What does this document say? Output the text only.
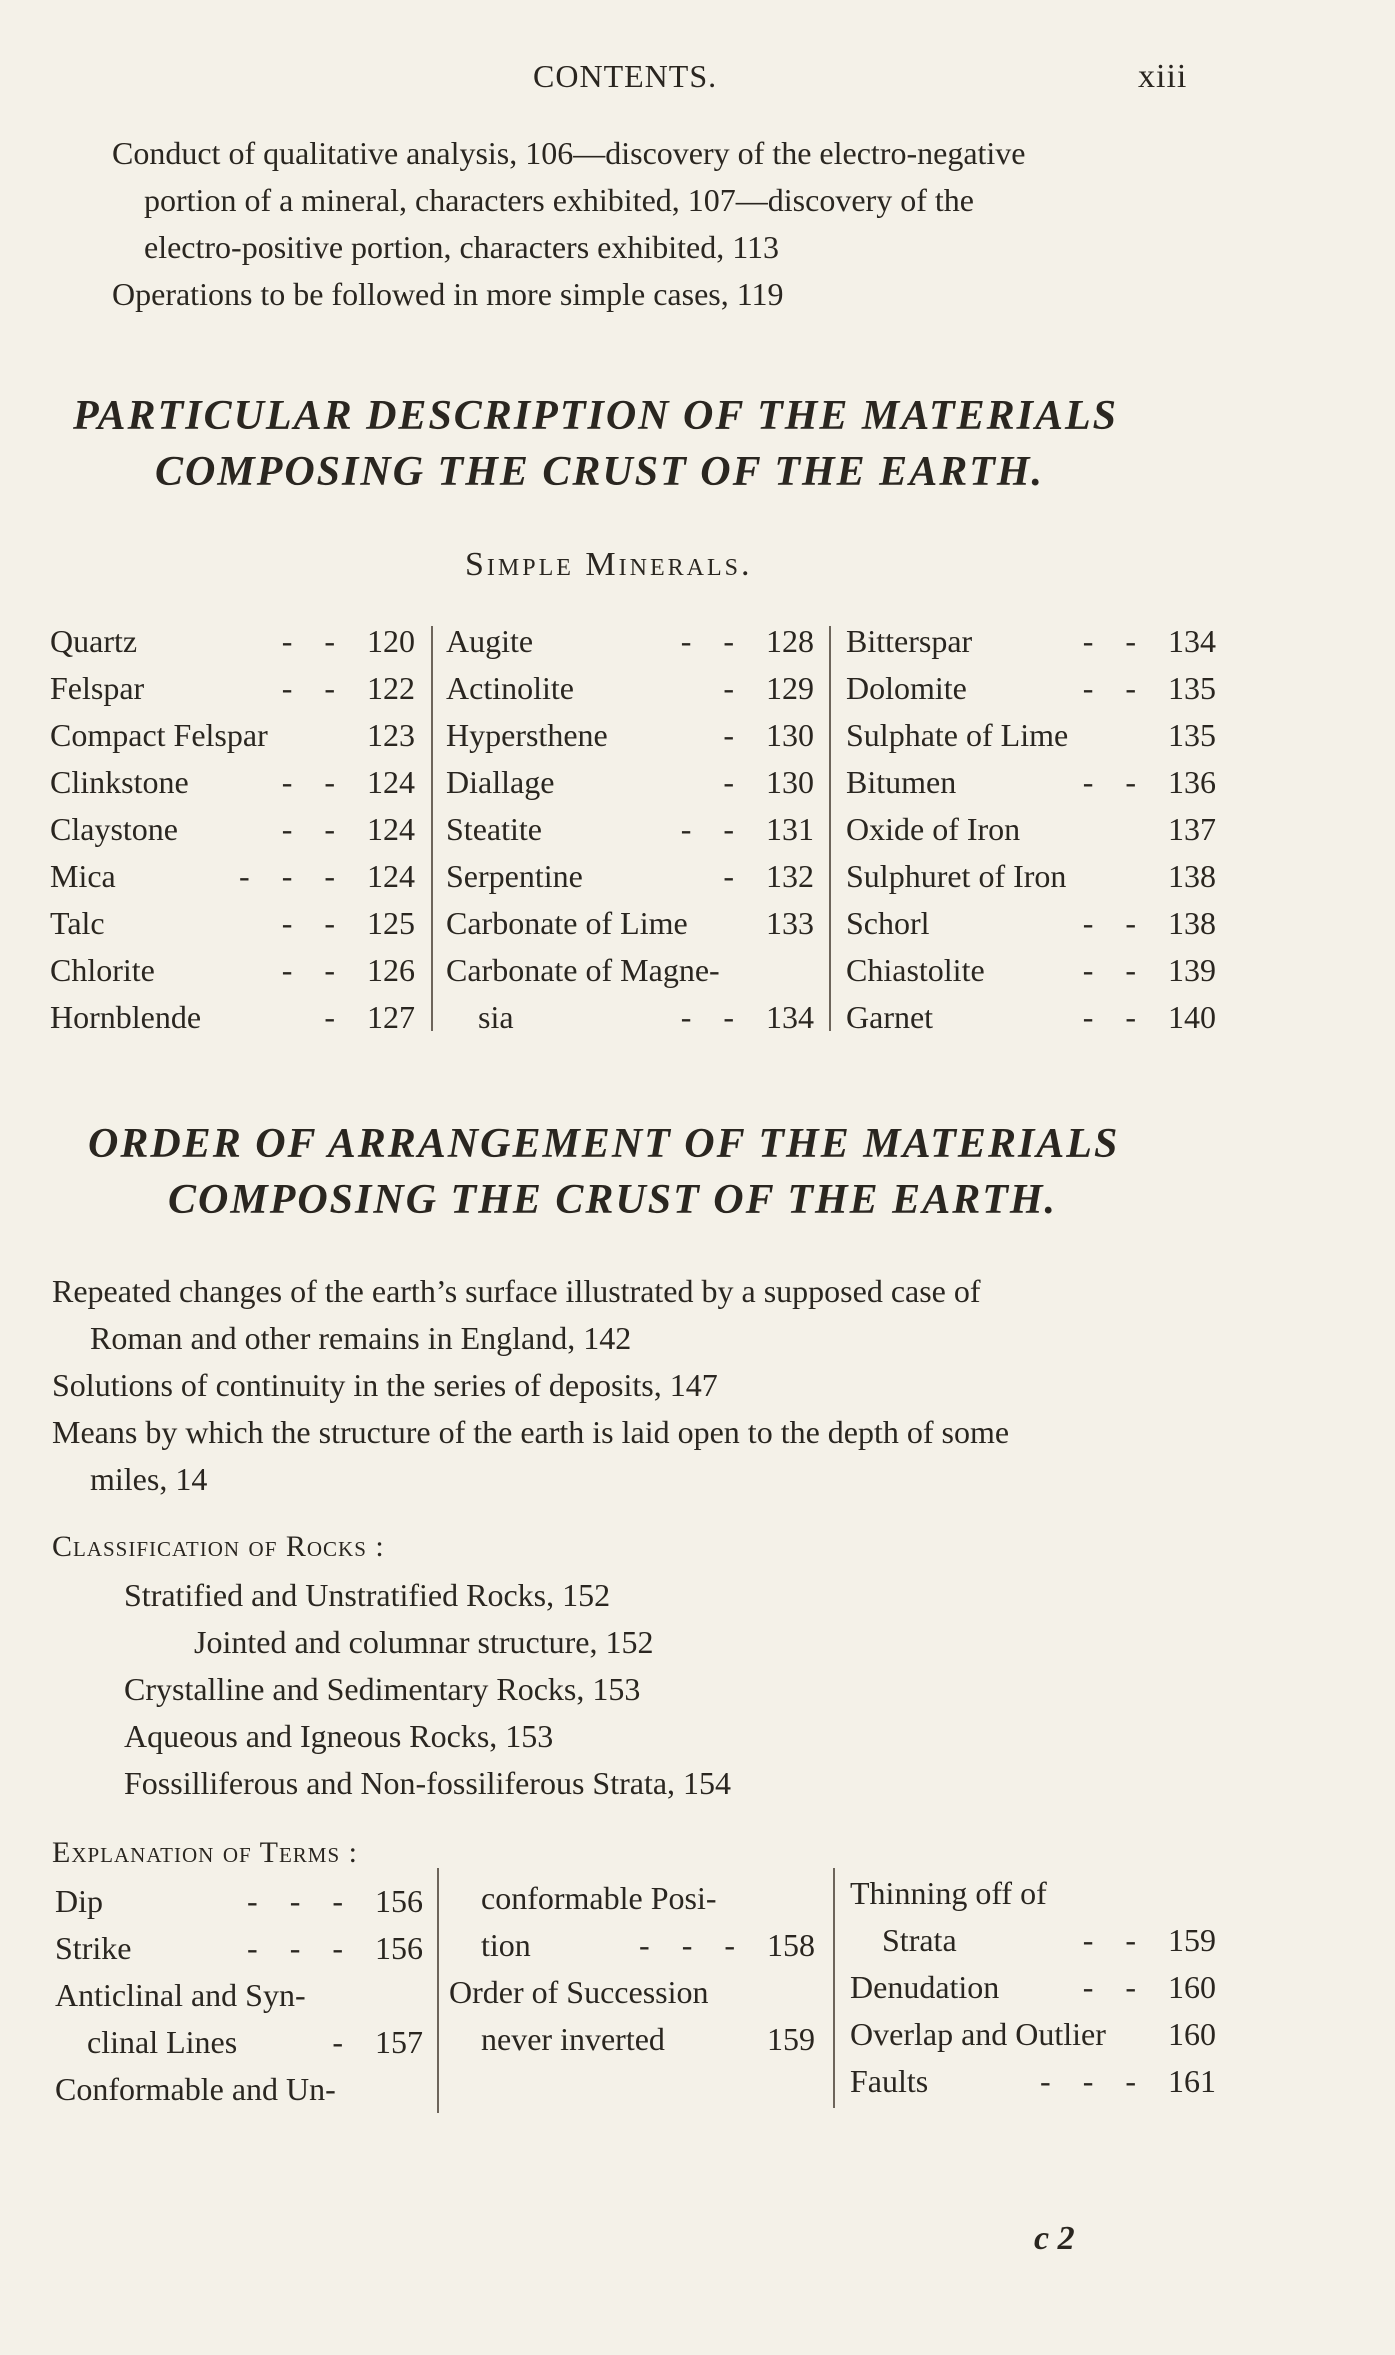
CONTENTS.	xiii
Conduct of qualitative analysis, 106—discovery of the electro-negative
portion of a mineral, characters exhibited, 107—discovery of the
electro-positive portion, characters exhibited, 113
Operations to be followed in more simple cases, 119
PARTICULAR DESCRIPTION OF THE MATERIALS
COMPOSING THE CRUST OF THE EARTH.
Simple Minerals.
Quartz	-    - 120
Felspar	-    - 122
Compact Felspar	123
Clinkstone	-    - 124
Claystone	-    - 124
Mica	-    -    - 124
Talc	-    - 125
Chlorite	-    - 126
Hornblende	- 127
Augite	-    - 128
Actinolite	- 129
Hypersthene	- 130
Diallage	- 130
Steatite	-    - 131
Serpentine	- 132
Carbonate of Lime 133
Carbonate of Magne-
sia	-    - 134
Bitterspar	-    - 134
Dolomite	-    - 135
Sulphate of Lime	135
Bitumen	-    - 136
Oxide of Iron	137
Sulphuret of Iron	138
Schorl	-    - 138
Chiastolite	-    - 139
Garnet	-    - 140
ORDER OF ARRANGEMENT OF THE MATERIALS
COMPOSING THE CRUST OF THE EARTH.
Repeated changes of the earth’s surface illustrated by a supposed case of
Roman and other remains in England, 142
Solutions of continuity in the series of deposits, 147
Means by which the structure of the earth is laid open to the depth of some
miles, 14
Classification of Rocks :
Stratified and Unstratified Rocks, 152
Jointed and columnar structure, 152
Crystalline and Sedimentary Rocks, 153
Aqueous and Igneous Rocks, 153
Fossilliferous and Non-fossiliferous Strata, 154
Explanation of Terms :
Dip	-    -    - 156
Strike	-    -    - 156
Anticlinal and Syn-
clinal Lines	- 157
Conformable and Un-
conformable Posi-
tion	-    -    - 158
Order of Succession
never inverted	159
Thinning off of
Strata	-    - 159
Denudation	-    - 160
Overlap and Outlier 160
Faults	-    -    - 161
c 2
